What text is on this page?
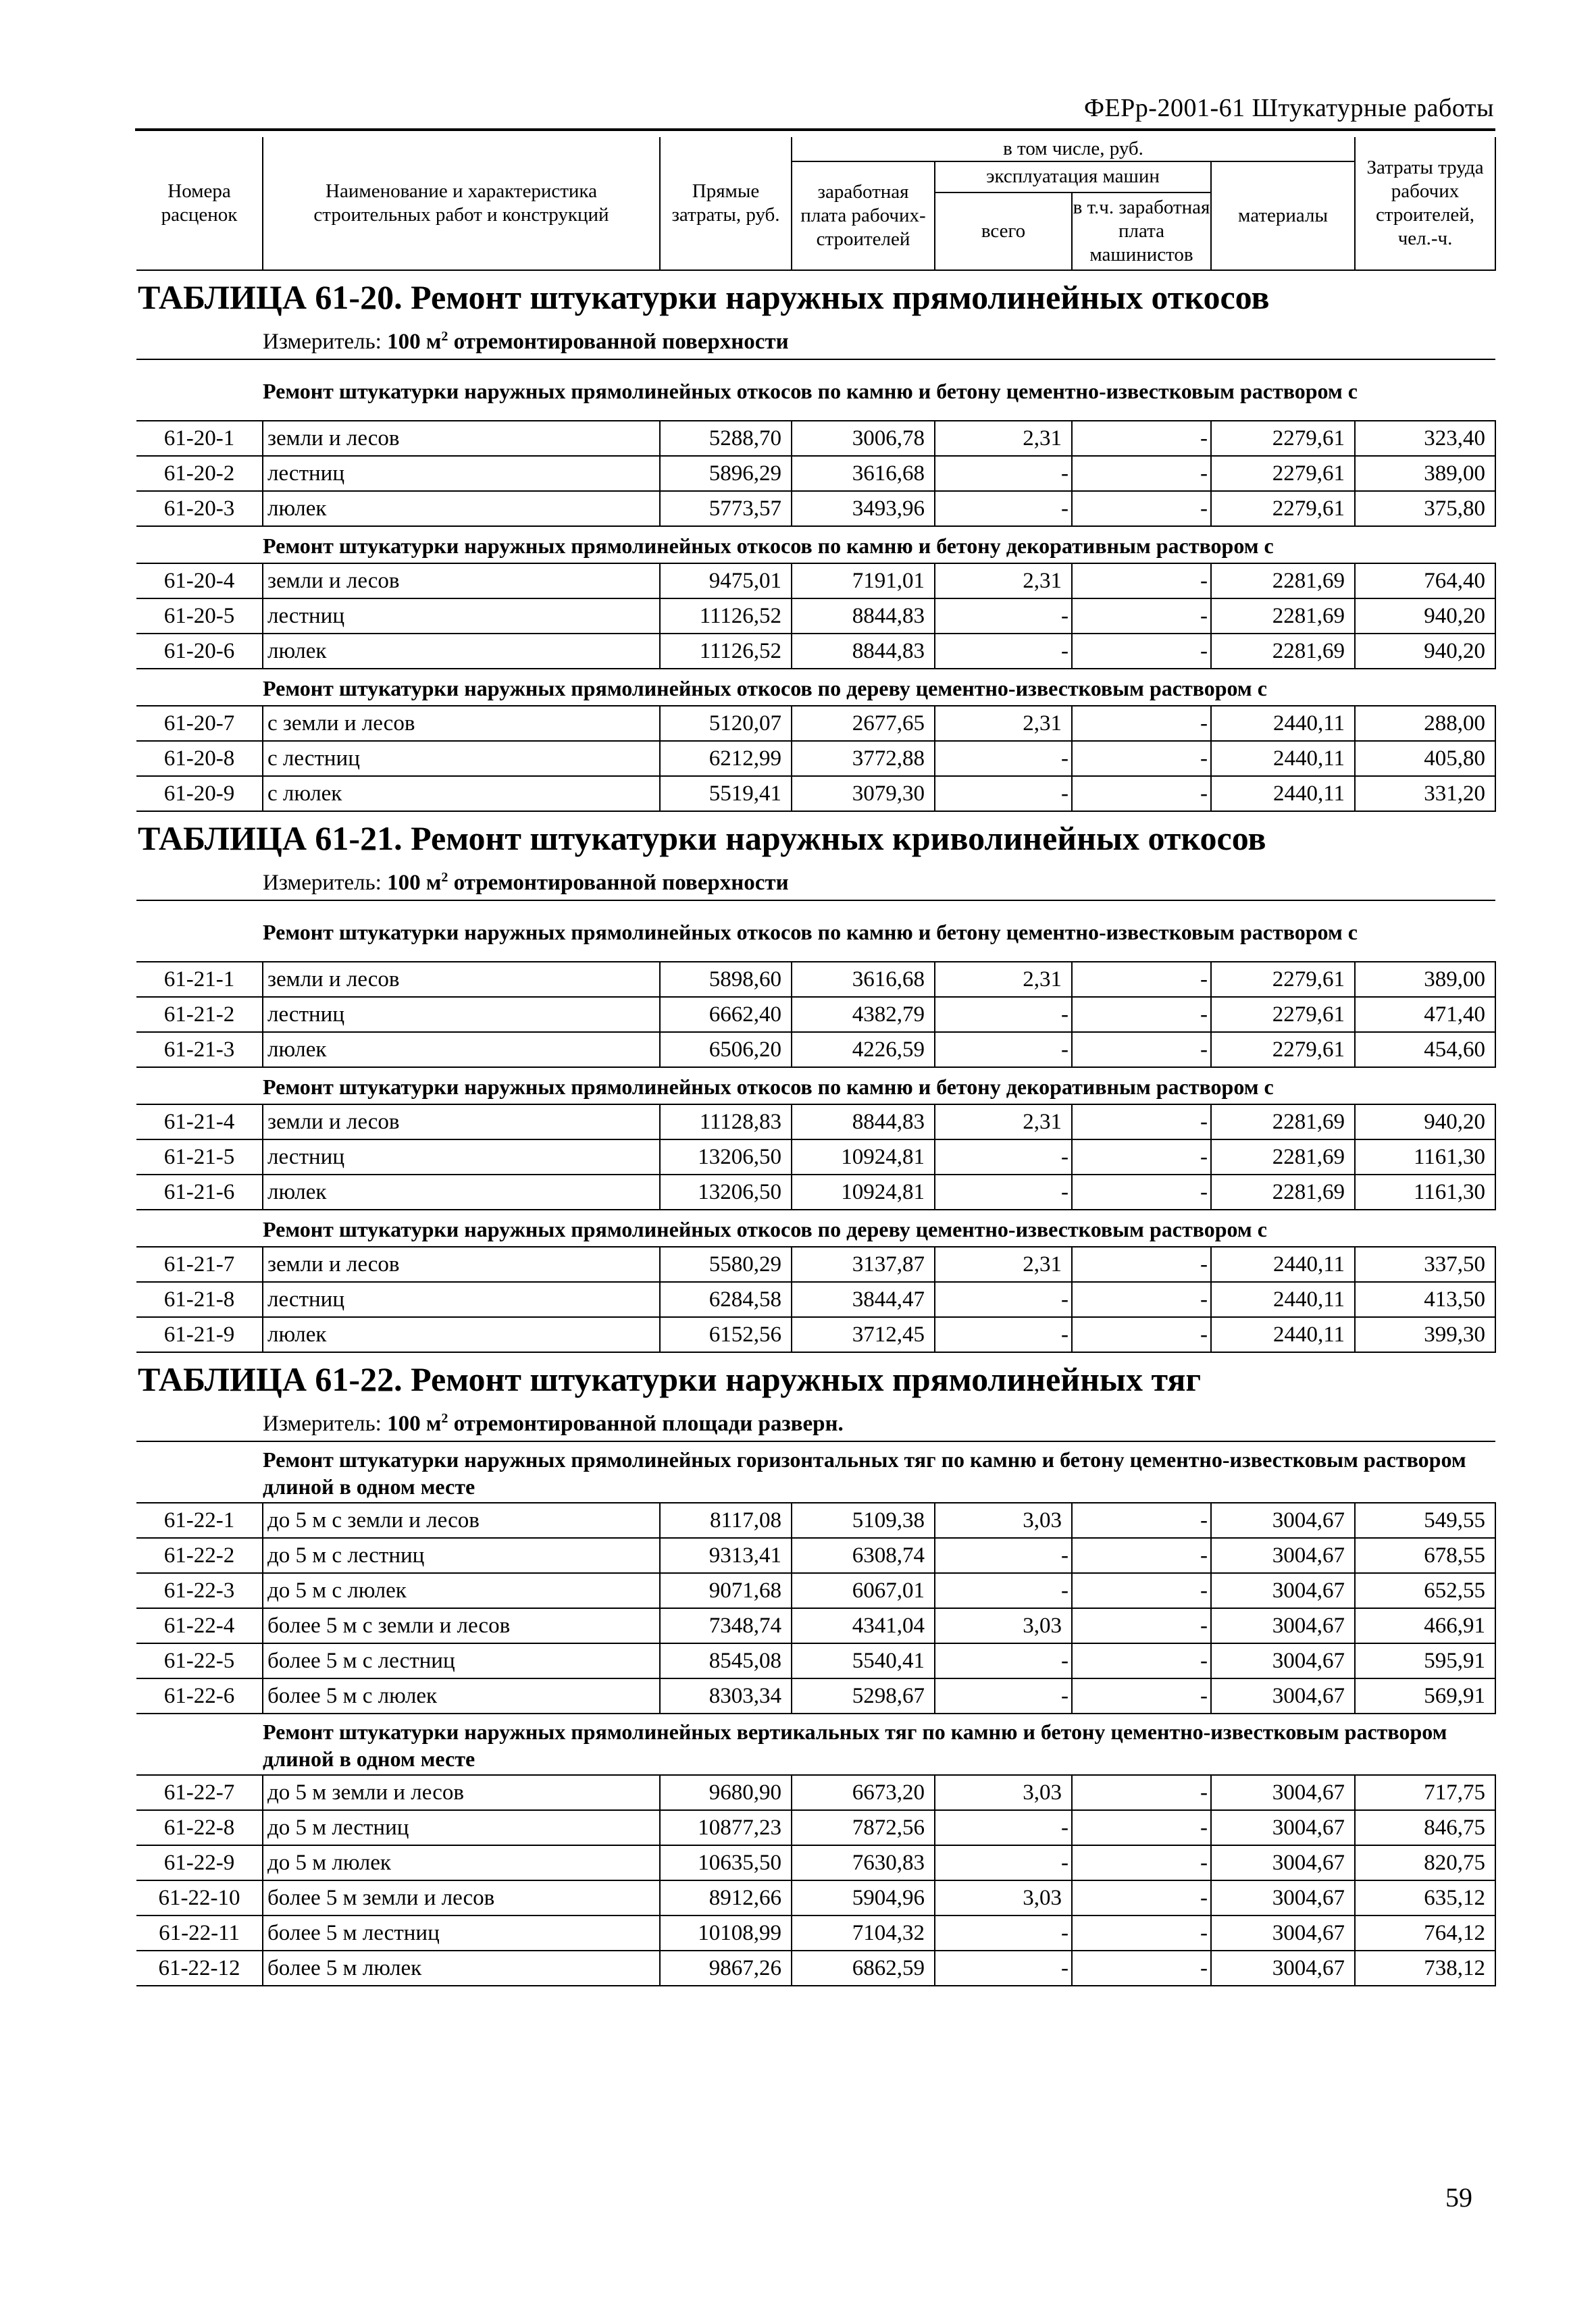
ФЕРр-2001-61 Штукатурные работы
Номера расценок	Наименование и характеристика строительных работ и конструкций	Прямые затраты, руб.	в том числе, руб.				Затраты труда рабочих строителей, чел.-ч.
			заработная плата рабочих-строителей	эксплуатация машин		материалы	
				всего	в т.ч. заработная плата машинистов		

ТАБЛИЦА 61-20. Ремонт штукатурки наружных прямолинейных откосов							
	Измеритель: 100 $м^2$ отремонтированной поверхности						
	Ремонт штукатурки наружных прямолинейных откосов по камню и бетону цементно-известковым раствором с						
61-20-1	земли и лесов	5288,70	3006,78	2,31	-	2279,61	323,40
61-20-2	лестниц	5896,29	3616,68	-	-	2279,61	389,00
61-20-3	люлек	5773,57	3493,96	-	-	2279,61	375,80
	Ремонт штукатурки наружных прямолинейных откосов по камню и бетону декоративным раствором с						
61-20-4	земли и лесов	9475,01	7191,01	2,31	-	2281,69	764,40
61-20-5	лестниц	11126,52	8844,83	-	-	2281,69	940,20
61-20-6	люлек	11126,52	8844,83	-	-	2281,69	940,20
	Ремонт штукатурки наружных прямолинейных откосов по дереву цементно-известковым раствором с						
61-20-7	с земли и лесов	5120,07	2677,65	2,31	-	2440,11	288,00
61-20-8	с лестниц	6212,99	3772,88	-	-	2440,11	405,80
61-20-9	с люлек	5519,41	3079,30	-	-	2440,11	331,20
ТАБЛИЦА 61-21. Ремонт штукатурки наружных криволинейных откосов							
	Измеритель: 100 $м^2$ отремонтированной поверхности						
	Ремонт штукатурки наружных прямолинейных откосов по камню и бетону цементно-известковым раствором с						
61-21-1	земли и лесов	5898,60	3616,68	2,31	-	2279,61	389,00
61-21-2	лестниц	6662,40	4382,79	-	-	2279,61	471,40
61-21-3	люлек	6506,20	4226,59	-	-	2279,61	454,60
	Ремонт штукатурки наружных прямолинейных откосов по камню и бетону декоративным раствором с						
61-21-4	земли и лесов	11128,83	8844,83	2,31	-	2281,69	940,20
61-21-5	лестниц	13206,50	10924,81	-	-	2281,69	1161,30
61-21-6	люлек	13206,50	10924,81	-	-	2281,69	1161,30
	Ремонт штукатурки наружных прямолинейных откосов по дереву цементно-известковым раствором с						
61-21-7	земли и лесов	5580,29	3137,87	2,31	-	2440,11	337,50
61-21-8	лестниц	6284,58	3844,47	-	-	2440,11	413,50
61-21-9	люлек	6152,56	3712,45	-	-	2440,11	399,30
ТАБЛИЦА 61-22. Ремонт штукатурки наружных прямолинейных тяг							
	Измеритель: 100 $м^2$ отремонтированной площади разверн.						
	Ремонт штукатурки наружных прямолинейных горизонтальных тяг по камню и бетону цементно-известковым раствором длиной в одном месте						
61-22-1	до 5 м с земли и лесов	8117,08	5109,38	3,03	-	3004,67	549,55
61-22-2	до 5 м с лестниц	9313,41	6308,74	-	-	3004,67	678,55
61-22-3	до 5 м с люлек	9071,68	6067,01	-	-	3004,67	652,55
61-22-4	более 5 м с земли и лесов	7348,74	4341,04	3,03	-	3004,67	466,91
61-22-5	более 5 м с лестниц	8545,08	5540,41	-	-	3004,67	595,91
61-22-6	более 5 м с люлек	8303,34	5298,67	-	-	3004,67	569,91
	Ремонт штукатурки наружных прямолинейных вертикальных тяг по камню и бетону цементно-известковым раствором длиной в одном месте						
61-22-7	до 5 м земли и лесов	9680,90	6673,20	3,03	-	3004,67	717,75
61-22-8	до 5 м лестниц	10877,23	7872,56	-	-	3004,67	846,75
61-22-9	до 5 м люлек	10635,50	7630,83	-	-	3004,67	820,75
61-22-10	более 5 м земли и лесов	8912,66	5904,96	3,03	-	3004,67	635,12
61-22-11	более 5 м лестниц	10108,99	7104,32	-	-	3004,67	764,12
61-22-12	более 5 м люлек	9867,26	6862,59	-	-	3004,67	738,12
59
